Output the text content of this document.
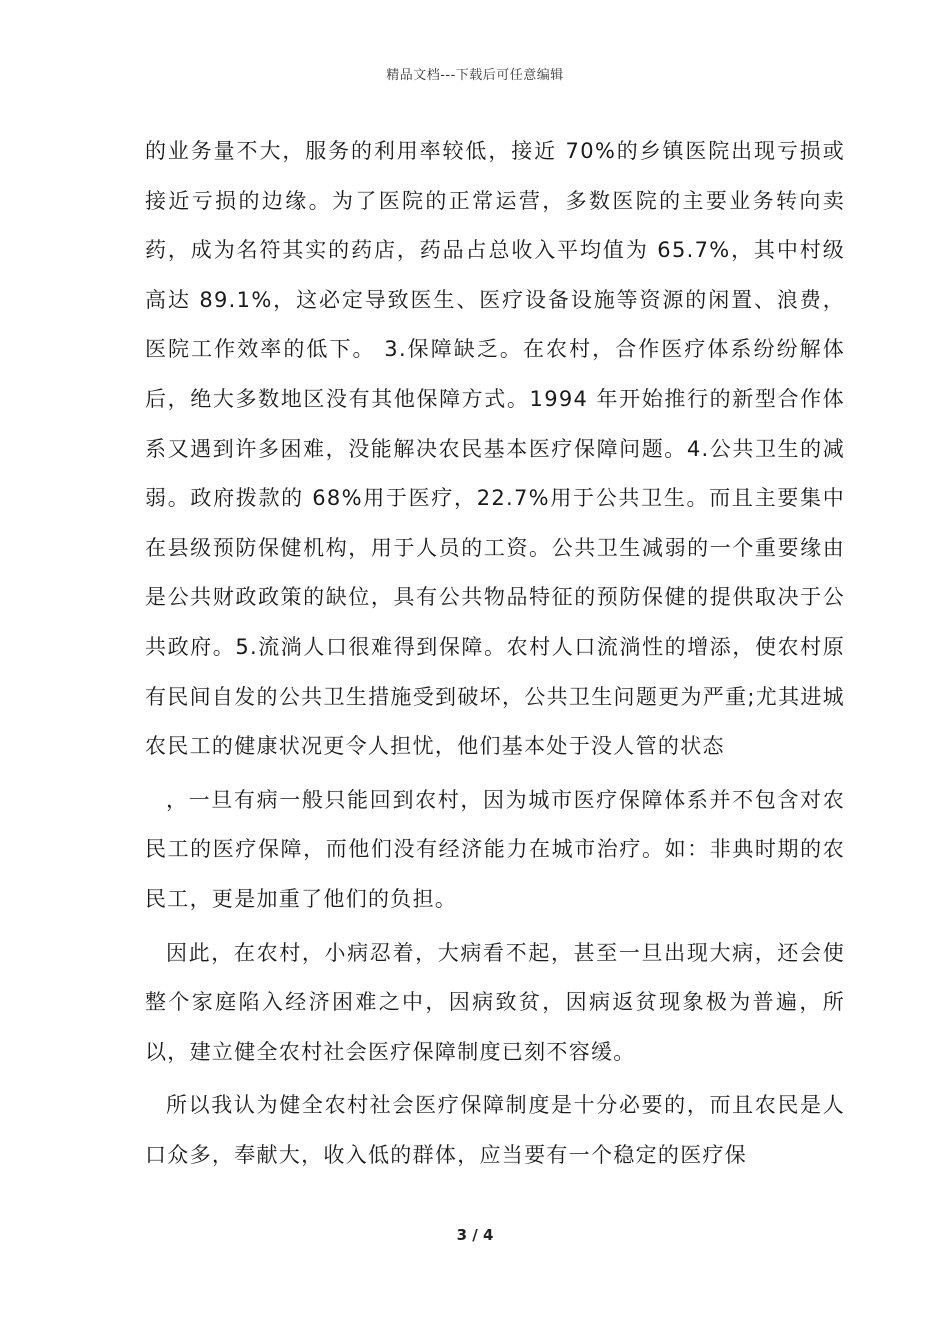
精品文档---下载后可任意编辑

的业务量不大，服务的利用率较低，接近 70%的乡镇医院出现亏损或接近亏损的边缘。为了医院的正常运营，多数医院的主要业务转向卖药，成为名符其实的药店，药品占总收入平均值为 65.7%，其中村级高达 89.1%，这必定导致医生、医疗设备设施等资源的闲置、浪费，医院工作效率的低下。 3.保障缺乏。在农村，合作医疗体系纷纷解体后，绝大多数地区没有其他保障方式。1994 年开始推行的新型合作体系又遇到许多困难，没能解决农民基本医疗保障问题。4.公共卫生的减弱。政府拨款的 68%用于医疗，22.7%用于公共卫生。而且主要集中在县级预防保健机构，用于人员的工资。公共卫生减弱的一个重要缘由是公共财政政策的缺位，具有公共物品特征的预防保健的提供取决于公共政府。5.流淌人口很难得到保障。农村人口流淌性的增添，使农村原有民间自发的公共卫生措施受到破坏，公共卫生问题更为严重;尤其进城农民工的健康状况更令人担忧，他们基本处于没人管的状态

，一旦有病一般只能回到农村，因为城市医疗保障体系并不包含对农民工的医疗保障，而他们没有经济能力在城市治疗。如：非典时期的农民工，更是加重了他们的负担。

因此，在农村，小病忍着，大病看不起，甚至一旦出现大病，还会使整个家庭陷入经济困难之中，因病致贫，因病返贫现象极为普遍，所以，建立健全农村社会医疗保障制度已刻不容缓。

所以我认为健全农村社会医疗保障制度是十分必要的，而且农民是人口众多，奉献大，收入低的群体，应当要有一个稳定的医疗保

3 / 4
